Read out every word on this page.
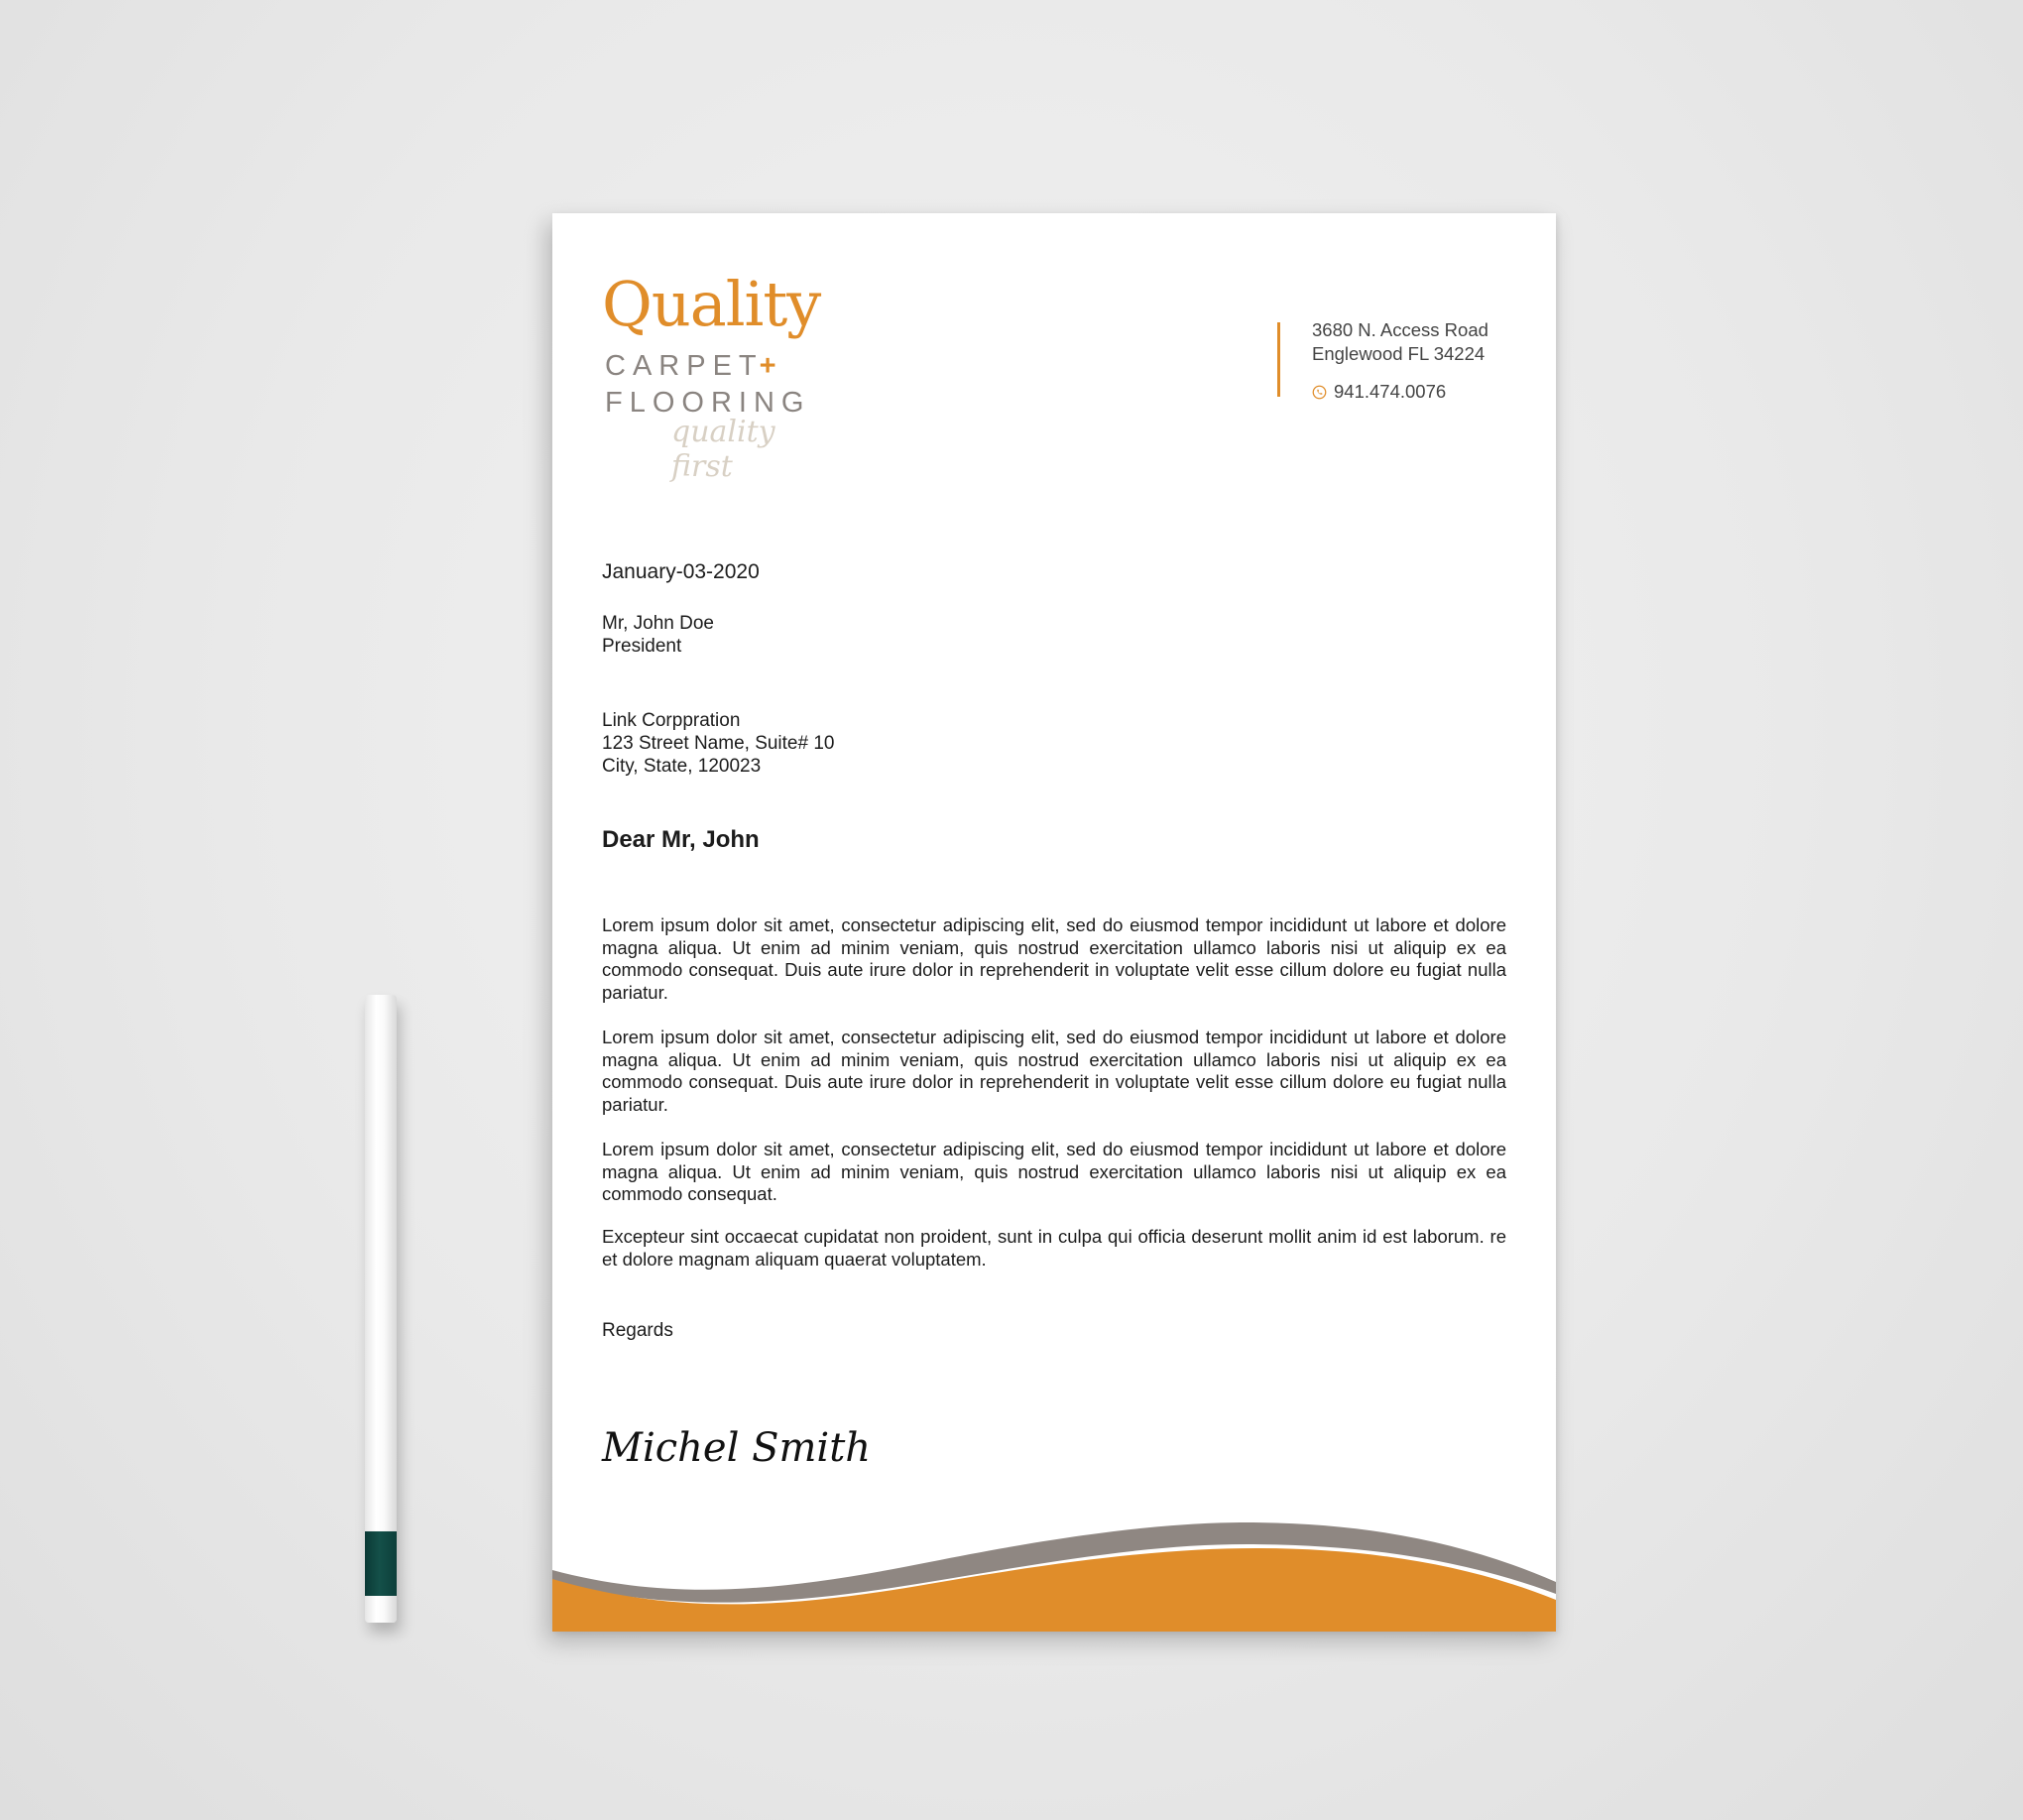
Quality
CARPET+
FLOORING
quality first
3680 N. Access Road
Englewood FL 34224
941.474.0076
January-03-2020
Mr, John Doe
President
Link Corppration
123 Street Name, Suite# 10
City, State, 120023
Dear Mr, John
Lorem ipsum dolor sit amet, consectetur adipiscing elit, sed do eiusmod tempor incididunt ut labore et dolore magna aliqua. Ut enim ad minim veniam, quis nostrud exercitation ullamco laboris nisi ut aliquip ex ea commodo consequat. Duis aute irure dolor in reprehenderit in voluptate velit esse cillum dolore eu fugiat nulla pariatur.
Lorem ipsum dolor sit amet, consectetur adipiscing elit, sed do eiusmod tempor incididunt ut labore et dolore magna aliqua. Ut enim ad minim veniam, quis nostrud exercitation ullamco laboris nisi ut aliquip ex ea commodo consequat. Duis aute irure dolor in reprehenderit in voluptate velit esse cillum dolore eu fugiat nulla pariatur.
Lorem ipsum dolor sit amet, consectetur adipiscing elit, sed do eiusmod tempor incididunt ut labore et dolore magna aliqua. Ut enim ad minim veniam, quis nostrud exercitation ullamco laboris nisi ut aliquip ex ea commodo consequat.
Excepteur sint occaecat cupidatat non proident, sunt in culpa qui officia deserunt mollit anim id est laborum. re et dolore magnam aliquam quaerat voluptatem.
Regards
Michel Smith
